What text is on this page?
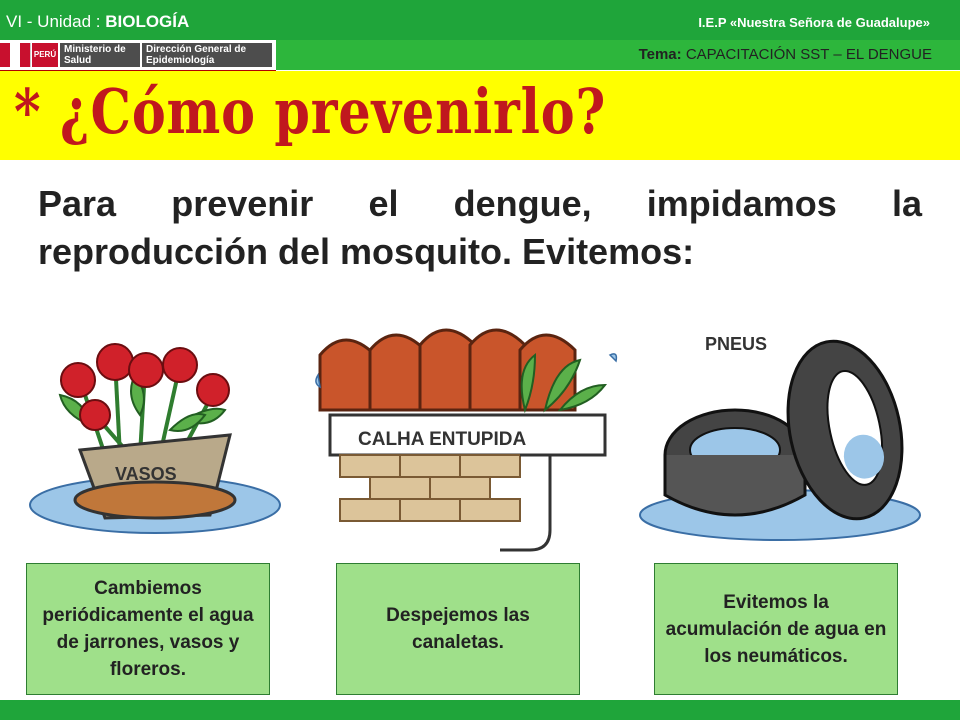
VI - Unidad : BIOLOGÍA	I.E.P «Nuestra Señora de Guadalupe»
PERÚ Ministerio de Salud
Dirección General de Epidemiología	Tema: CAPACITACIÓN SST – EL DENGUE
* ¿Cómo prevenirlo?
Para prevenir el dengue, impidamos la reproducción del mosquito. Evitemos:
VASOS
CALHA ENTUPIDA
PNEUS
Cambiemos periódicamente el agua de jarrones, vasos y floreros.
Despejemos las canaletas.
Evitemos la acumulación de agua en los neumáticos.
